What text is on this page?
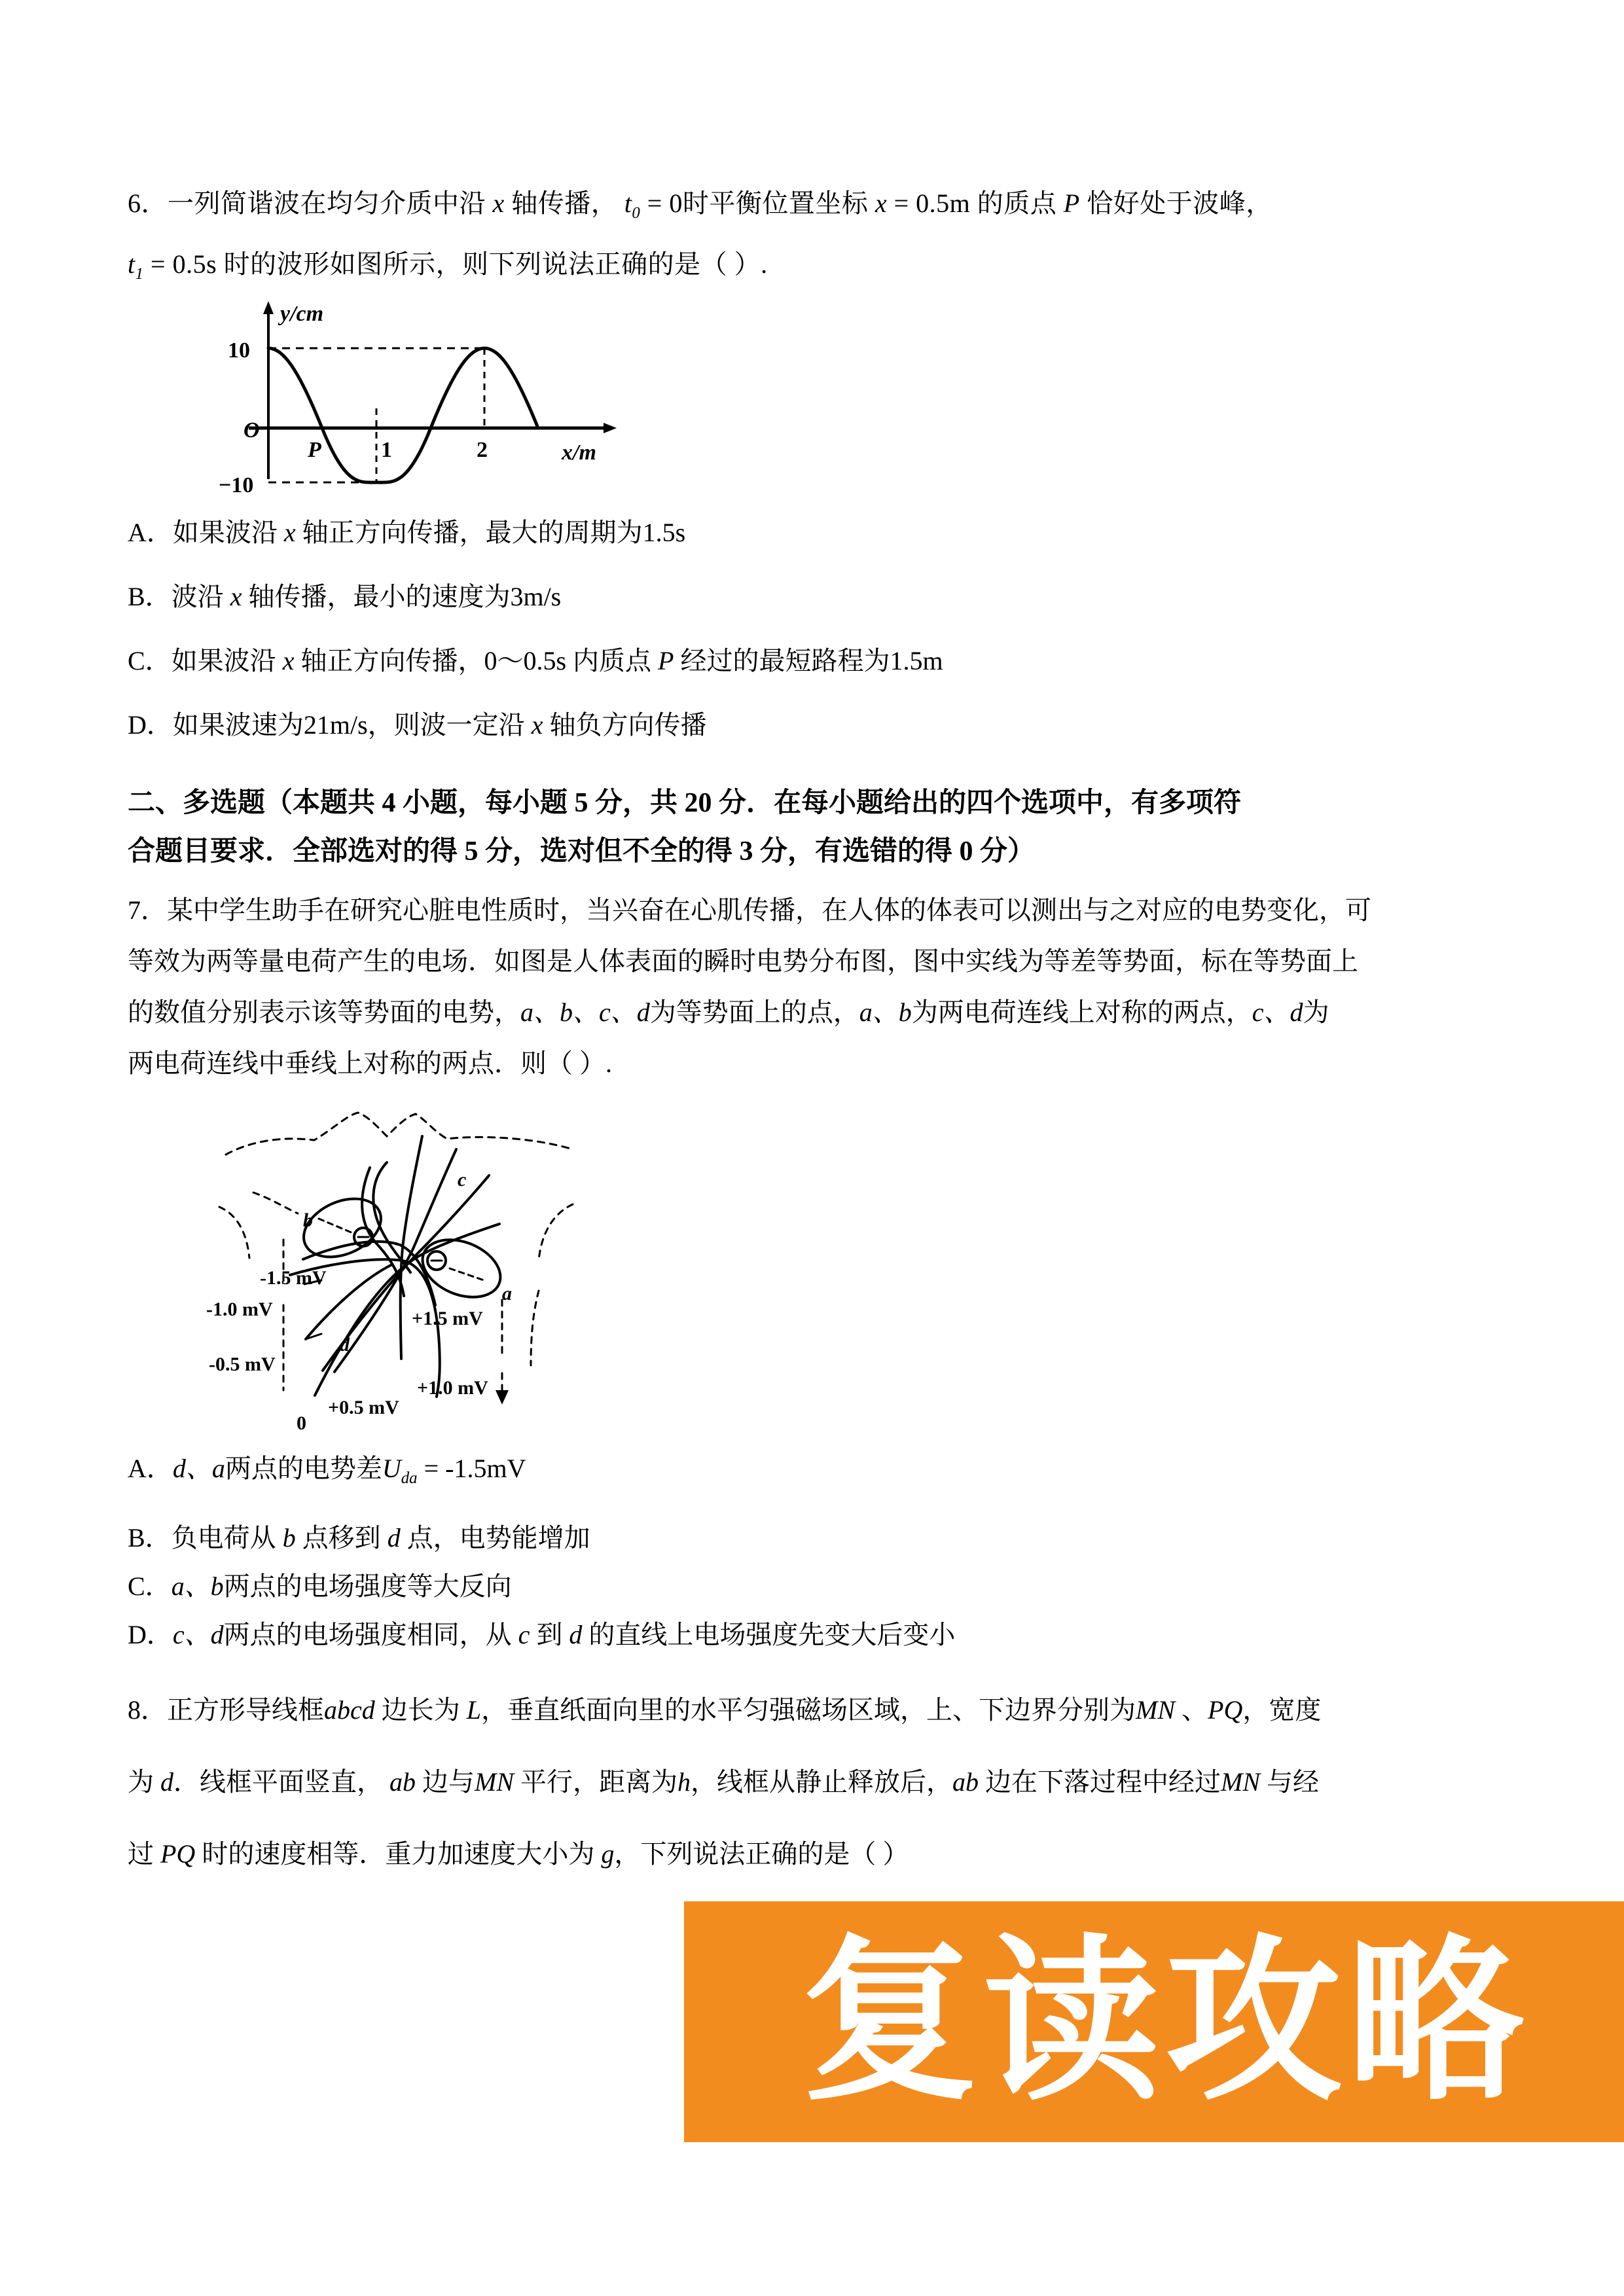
6．一列简谐波在均匀介质中沿 x 轴传播， $t_0 = 0$时平衡位置坐标 x = 0.5m 的质点 P 恰好处于波峰，
$t_1 = 0.5s$ 时的波形如图所示，则下列说法正确的是（ ）.
10
O
−10
P	1	2
y/cm
x/m
A．如果波沿 x 轴正方向传播，最大的周期为1.5s
B．波沿 x 轴传播，最小的速度为3m/s
C．如果波沿 x 轴正方向传播，0～0.5s 内质点 P 经过的最短路程为1.5m
D．如果波速为21m/s，则波一定沿 x 轴负方向传播
二、多选题（本题共 4 小题，每小题 5 分，共 20 分．在每小题给出的四个选项中，有多项符
合题目要求．全部选对的得 5 分，选对但不全的得 3 分，有选错的得 0 分）
7．某中学生助手在研究心脏电性质时，当兴奋在心肌传播，在人体的体表可以测出与之对应的电势变化，可
等效为两等量电荷产生的电场．如图是人体表面的瞬时电势分布图，图中实线为等差等势面，标在等势面上
的数值分别表示该等势面的电势，a、b、c、d为等势面上的点，a、b为两电荷连线上对称的两点，c、d为
两电荷连线中垂线上对称的两点．则（ ）.
b
c
a
d
-1.5 mV
-1.0 mV
-0.5 mV
0
+0.5 mV
+1.0 mV
+1.5 mV
A．d、a两点的电势差$U_{da} = -1.5mV$
B．负电荷从 b 点移到 d 点，电势能增加
C．a、b两点的电场强度等大反向
D．c、d两点的电场强度相同，从 c 到 d 的直线上电场强度先变大后变小
8．正方形导线框abcd 边长为 L，垂直纸面向里的水平匀强磁场区域，上、下边界分别为MN 、PQ，宽度
为 d．线框平面竖直， ab 边与MN 平行，距离为h，线框从静止释放后，ab 边在下落过程中经过MN 与经
过 PQ 时的速度相等．重力加速度大小为 g，下列说法正确的是（ ）
复读攻略
